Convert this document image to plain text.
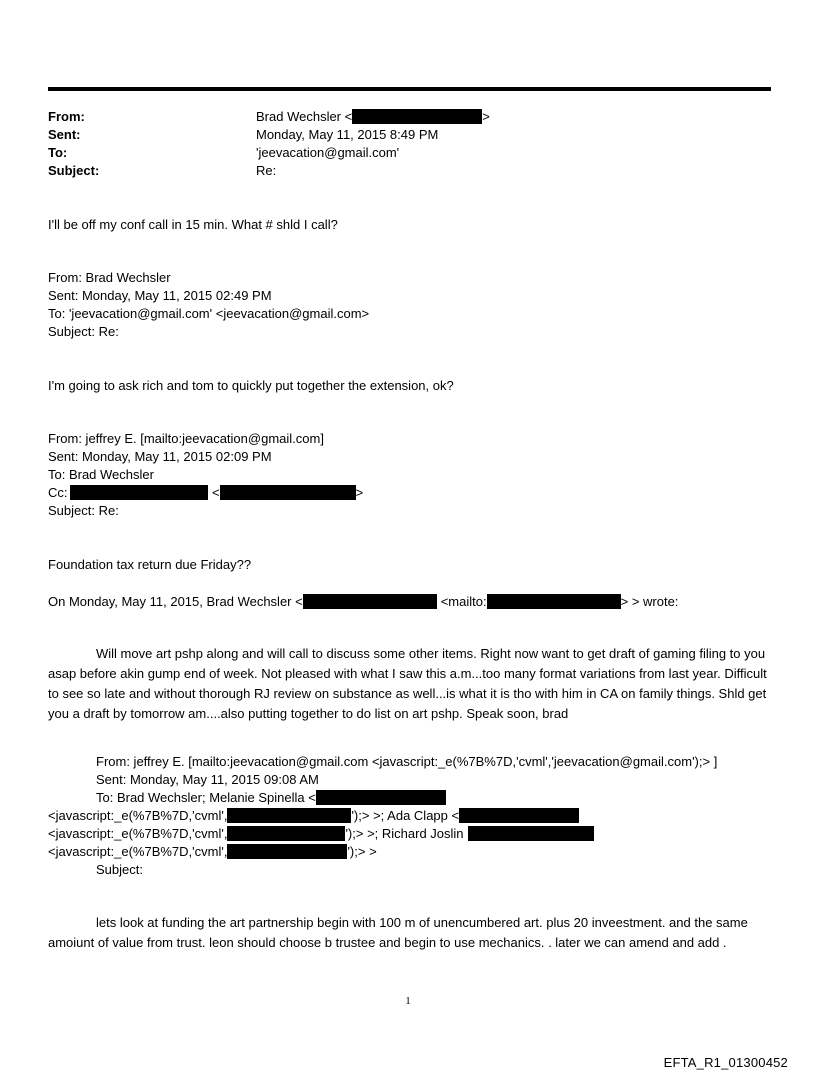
From:	Brad Wechsler <	>
Sent:	Monday, May 11, 2015 8:49 PM
To:	'jeevacation@gmail.com'
Subject:	Re:
I'll be off my conf call in 15 min. What # shld I call?
From: Brad Wechsler
Sent: Monday, May 11, 2015 02:49 PM
To: 'jeevacation@gmail.com' <jeevacation@gmail.com>
Subject: Re:
I'm going to ask rich and tom to quickly put together the extension, ok?
From: jeffrey E. [mailto:jeevacation@gmail.com]
Sent: Monday, May 11, 2015 02:09 PM
To: Brad Wechsler
Cc:	<	>
Subject: Re:
Foundation tax return due Friday??
On Monday, May 11, 2015, Brad Wechsler <	<mailto:	> > wrote:
Will move art pshp along and will call to discuss some other items. Right now want to get draft of gaming filing to you asap before akin gump end of week. Not pleased with what I saw this a.m...too many format variations from last year. Difficult to see so late and without thorough RJ review on substance as well...is what it is tho with him in CA on family things. Shld get you a draft by tomorrow am....also putting together to do list on art pshp. Speak soon, brad
From: jeffrey E. [mailto:jeevacation@gmail.com <javascript:_e(%7B%7D,'cvml','jeevacation@gmail.com');> ]
Sent: Monday, May 11, 2015 09:08 AM
To: Brad Wechsler; Melanie Spinella <
<javascript:_e(%7B%7D,'cvml',	');> >; Ada Clapp <
<javascript:_e(%7B%7D,'cvml',	');> >; Richard Joslin
<javascript:_e(%7B%7D,'cvml',	');> >
Subject:
lets look at funding the art partnership begin with 100 m of unencumbered art. plus 20 inveestment. and the same amoiunt of value from trust. leon should choose b trustee and begin to use mechanics. . later we can amend and add .
1
EFTA_R1_01300452
